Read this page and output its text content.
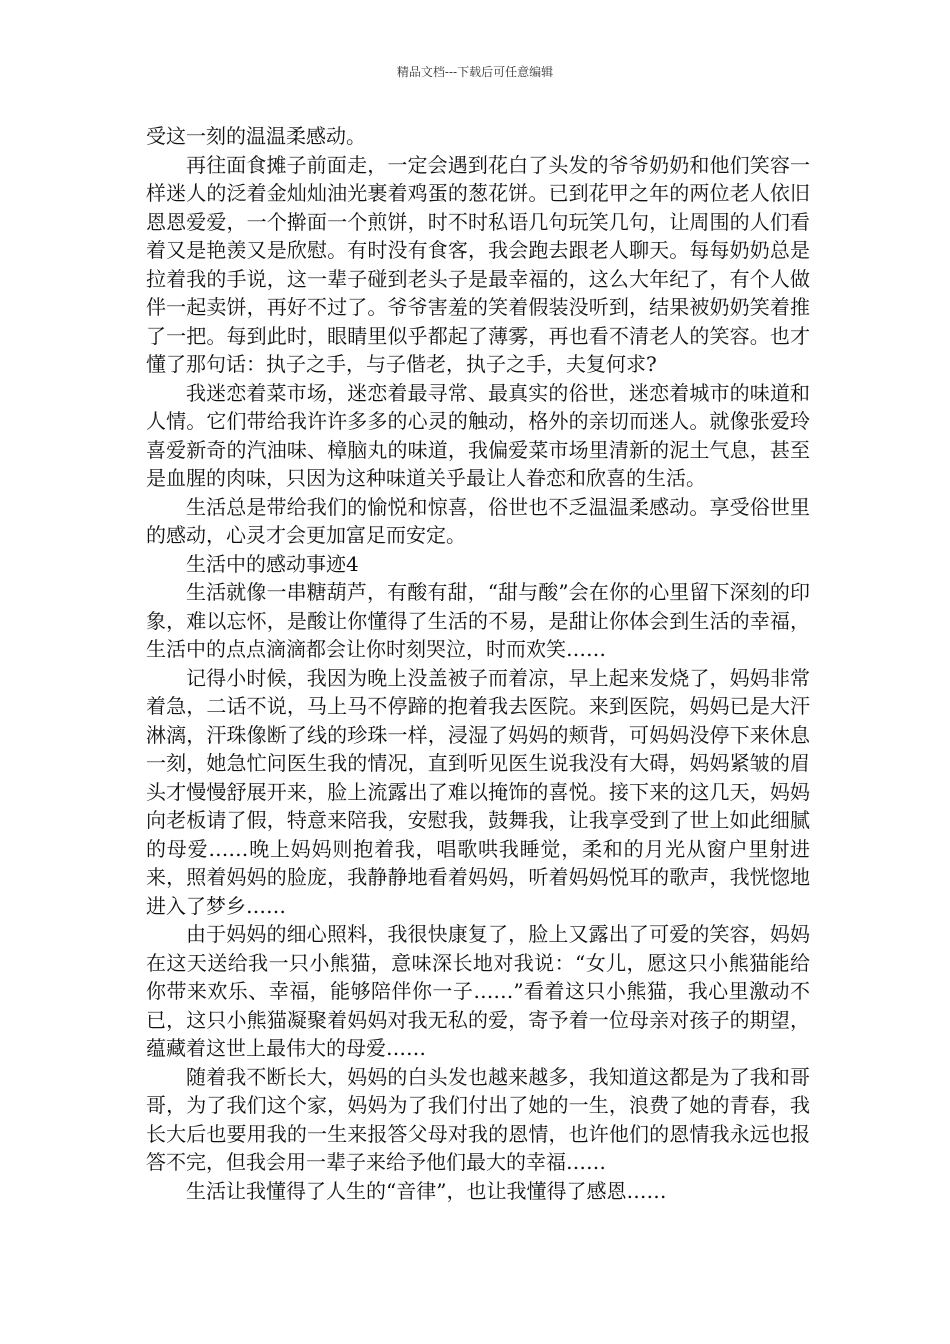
精品文档---下载后可任意编辑

受这一刻的温温柔感动。

再往面食摊子前面走，一定会遇到花白了头发的爷爷奶奶和他们笑容一样迷人的泛着金灿灿油光裹着鸡蛋的葱花饼。已到花甲之年的两位老人依旧恩恩爱爱，一个擀面一个煎饼，时不时私语几句玩笑几句，让周围的人们看着又是艳羡又是欣慰。有时没有食客，我会跑去跟老人聊天。每每奶奶总是拉着我的手说，这一辈子碰到老头子是最幸福的，这么大年纪了，有个人做伴一起卖饼，再好不过了。爷爷害羞的笑着假装没听到，结果被奶奶笑着推了一把。每到此时，眼睛里似乎都起了薄雾，再也看不清老人的笑容。也才懂了那句话：执子之手，与子偕老，执子之手，夫复何求?

我迷恋着菜市场，迷恋着最寻常、最真实的俗世，迷恋着城市的味道和人情。它们带给我许许多多的心灵的触动，格外的亲切而迷人。就像张爱玲喜爱新奇的汽油味、樟脑丸的味道，我偏爱菜市场里清新的泥土气息，甚至是血腥的肉味，只因为这种味道关乎最让人眷恋和欣喜的生活。

生活总是带给我们的愉悦和惊喜，俗世也不乏温温柔感动。享受俗世里的感动，心灵才会更加富足而安定。

生活中的感动事迹4

生活就像一串糖葫芦，有酸有甜，“甜与酸”会在你的心里留下深刻的印象，难以忘怀，是酸让你懂得了生活的不易，是甜让你体会到生活的幸福，生活中的点点滴滴都会让你时刻哭泣，时而欢笑……

记得小时候，我因为晚上没盖被子而着凉，早上起来发烧了，妈妈非常着急，二话不说，马上马不停蹄的抱着我去医院。来到医院，妈妈已是大汗淋漓，汗珠像断了线的珍珠一样，浸湿了妈妈的颊背，可妈妈没停下来休息一刻，她急忙问医生我的情况，直到听见医生说我没有大碍，妈妈紧皱的眉头才慢慢舒展开来，脸上流露出了难以掩饰的喜悦。接下来的这几天，妈妈向老板请了假，特意来陪我，安慰我，鼓舞我，让我享受到了世上如此细腻的母爱……晚上妈妈则抱着我，唱歌哄我睡觉，柔和的月光从窗户里射进来，照着妈妈的脸庞，我静静地看着妈妈，听着妈妈悦耳的歌声，我恍惚地进入了梦乡……

由于妈妈的细心照料，我很快康复了，脸上又露出了可爱的笑容，妈妈在这天送给我一只小熊猫，意味深长地对我说：“女儿，愿这只小熊猫能给你带来欢乐、幸福，能够陪伴你一子……”看着这只小熊猫，我心里激动不已，这只小熊猫凝聚着妈妈对我无私的爱，寄予着一位母亲对孩子的期望，蕴藏着这世上最伟大的母爱……

随着我不断长大，妈妈的白头发也越来越多，我知道这都是为了我和哥哥，为了我们这个家，妈妈为了我们付出了她的一生，浪费了她的青春，我长大后也要用我的一生来报答父母对我的恩情，也许他们的恩情我永远也报答不完，但我会用一辈子来给予他们最大的幸福……

生活让我懂得了人生的“音律”，也让我懂得了感恩……
